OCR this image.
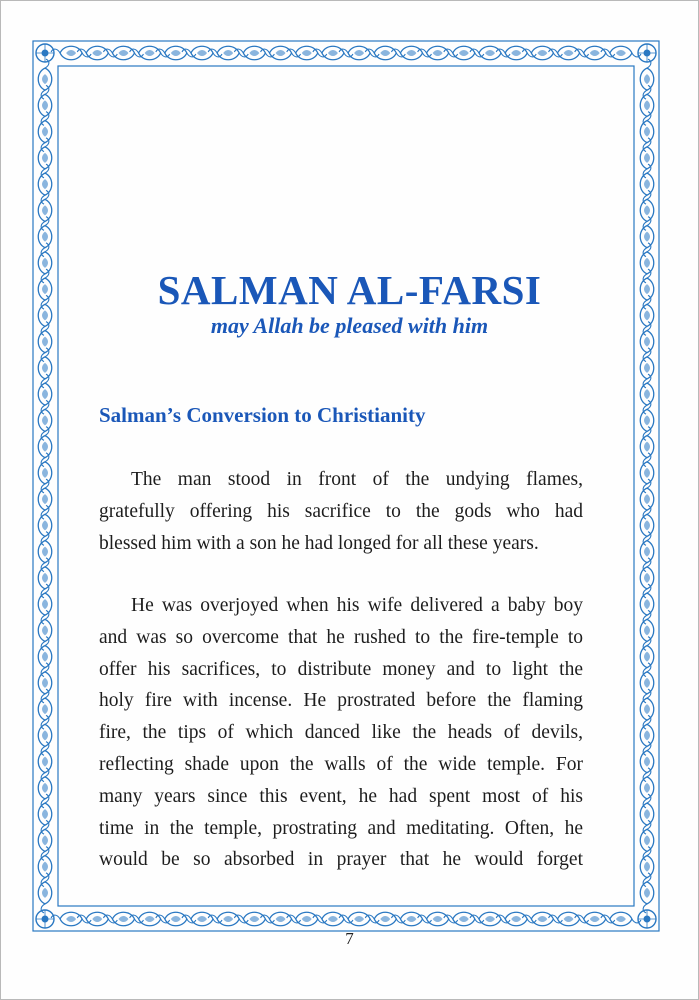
SALMAN AL-FARSI
may Allah be pleased with him
Salman’s Conversion to Christianity

The man stood in front of the undying flames,
gratefully offering his sacrifice to the gods who had
blessed him with a son he had longed for all these years.

He was overjoyed when his wife delivered a baby boy
and was so overcome that he rushed to the fire-temple to
offer his sacrifices, to distribute money and to light the
holy fire with incense. He prostrated before the flaming
fire, the tips of which danced like the heads of devils,
reflecting shade upon the walls of the wide temple. For
many years since this event, he had spent most of his
time in the temple, prostrating and meditating. Often, he
would be so absorbed in prayer that he would forget

7
